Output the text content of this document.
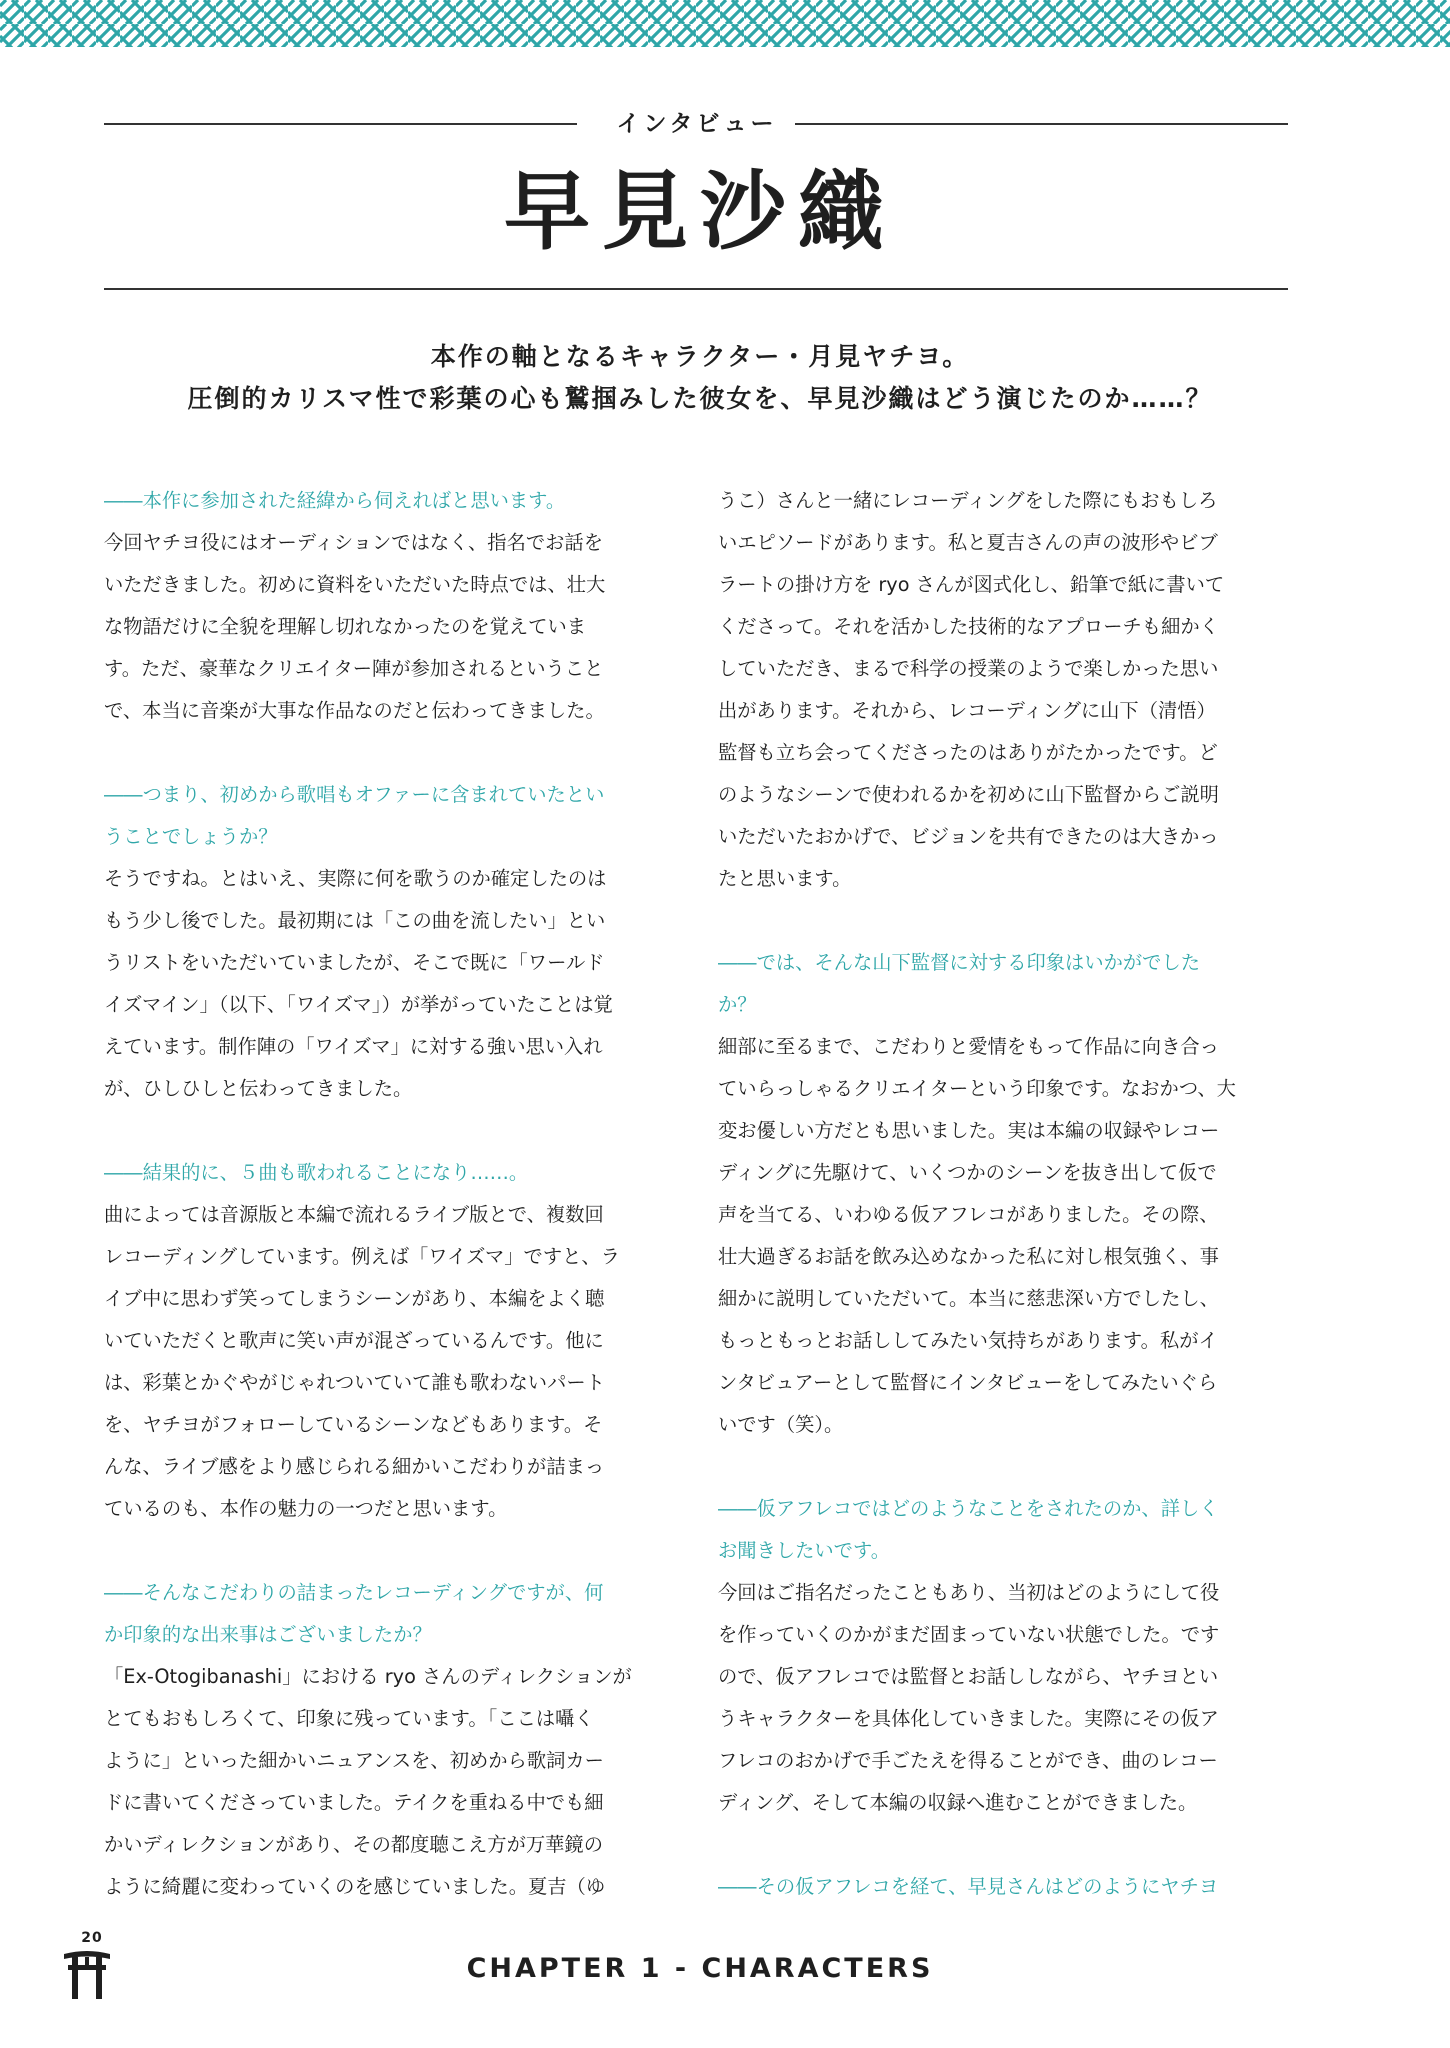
インタビュー
早見沙織
本作の軸となるキャラクター・月見ヤチヨ。
圧倒的カリスマ性で彩葉の心も鷲掴みした彼女を、早見沙織はどう演じたのか……？

――本作に参加された経緯から伺えればと思います。

今回ヤチヨ役にはオーディションではなく、指名でお話を

いただきました。初めに資料をいただいた時点では、壮大

な物語だけに全貌を理解し切れなかったのを覚えていま

す。ただ、豪華なクリエイター陣が参加されるということ

で、本当に音楽が大事な作品なのだと伝わってきました。

――つまり、初めから歌唱もオファーに含まれていたとい

うことでしょうか？

そうですね。とはいえ、実際に何を歌うのか確定したのは

もう少し後でした。最初期には「この曲を流したい」とい

うリストをいただいていましたが、そこで既に「ワールド

イズマイン」（以下、「ワイズマ」）が挙がっていたことは覚

えています。制作陣の「ワイズマ」に対する強い思い入れ

が、ひしひしと伝わってきました。

――結果的に、５曲も歌われることになり……。

曲によっては音源版と本編で流れるライブ版とで、複数回

レコーディングしています。例えば「ワイズマ」ですと、ラ

イブ中に思わず笑ってしまうシーンがあり、本編をよく聴

いていただくと歌声に笑い声が混ざっているんです。他に

は、彩葉とかぐやがじゃれついていて誰も歌わないパート

を、ヤチヨがフォローしているシーンなどもあります。そ

んな、ライブ感をより感じられる細かいこだわりが詰まっ

ているのも、本作の魅力の一つだと思います。

――そんなこだわりの詰まったレコーディングですが、何

か印象的な出来事はございましたか？

「Ex-Otogibanashi」における ryo さんのディレクションが

とてもおもしろくて、印象に残っています。「ここは囁く

ように」といった細かいニュアンスを、初めから歌詞カー

ドに書いてくださっていました。テイクを重ねる中でも細

かいディレクションがあり、その都度聴こえ方が万華鏡の

ように綺麗に変わっていくのを感じていました。夏吉（ゆ

うこ）さんと一緒にレコーディングをした際にもおもしろ

いエピソードがあります。私と夏吉さんの声の波形やビブ

ラートの掛け方を ryo さんが図式化し、鉛筆で紙に書いて

くださって。それを活かした技術的なアプローチも細かく

していただき、まるで科学の授業のようで楽しかった思い

出があります。それから、レコーディングに山下（清悟）

監督も立ち会ってくださったのはありがたかったです。ど

のようなシーンで使われるかを初めに山下監督からご説明

いただいたおかげで、ビジョンを共有できたのは大きかっ

たと思います。

――では、そんな山下監督に対する印象はいかがでした

か？

細部に至るまで、こだわりと愛情をもって作品に向き合っ

ていらっしゃるクリエイターという印象です。なおかつ、大

変お優しい方だとも思いました。実は本編の収録やレコー

ディングに先駆けて、いくつかのシーンを抜き出して仮で

声を当てる、いわゆる仮アフレコがありました。その際、

壮大過ぎるお話を飲み込めなかった私に対し根気強く、事

細かに説明していただいて。本当に慈悲深い方でしたし、

もっともっとお話ししてみたい気持ちがあります。私がイ

ンタビュアーとして監督にインタビューをしてみたいぐら

いです（笑）。

――仮アフレコではどのようなことをされたのか、詳しく

お聞きしたいです。

今回はご指名だったこともあり、当初はどのようにして役

を作っていくのかがまだ固まっていない状態でした。です

ので、仮アフレコでは監督とお話ししながら、ヤチヨとい

うキャラクターを具体化していきました。実際にその仮ア

フレコのおかげで手ごたえを得ることができ、曲のレコー

ディング、そして本編の収録へ進むことができました。

――その仮アフレコを経て、早見さんはどのようにヤチヨ

20
CHAPTER 1 - CHARACTERS
